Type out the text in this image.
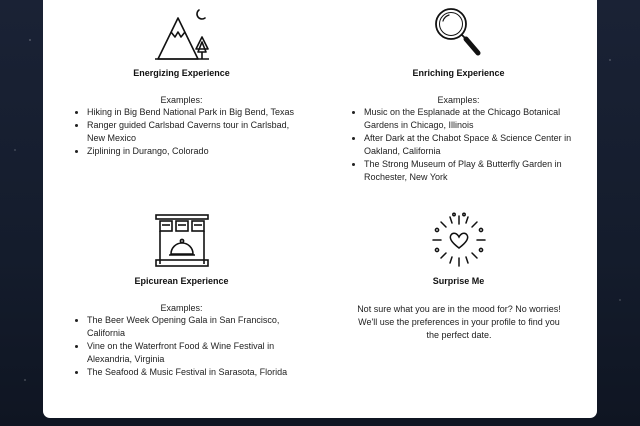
Energizing Experience
Examples:
• Hiking in Big Bend National Park in Big Bend, Texas
• Ranger guided Carlsbad Caverns tour in Carlsbad, New Mexico
• Ziplining in Durango, Colorado
Enriching Experience
Examples:
• Music on the Esplanade at the Chicago Botanical Gardens in Chicago, Illinois
• After Dark at the Chabot Space & Science Center in Oakland, California
• The Strong Museum of Play & Butterfly Garden in Rochester, New York
Epicurean Experience
Examples:
• The Beer Week Opening Gala in San Francisco, California
• Vine on the Waterfront Food & Wine Festival in Alexandria, Virginia
• The Seafood & Music Festival in Sarasota, Florida
Surprise Me
Not sure what you are in the mood for? No worries! We'll use the preferences in your profile to find you the perfect date.
